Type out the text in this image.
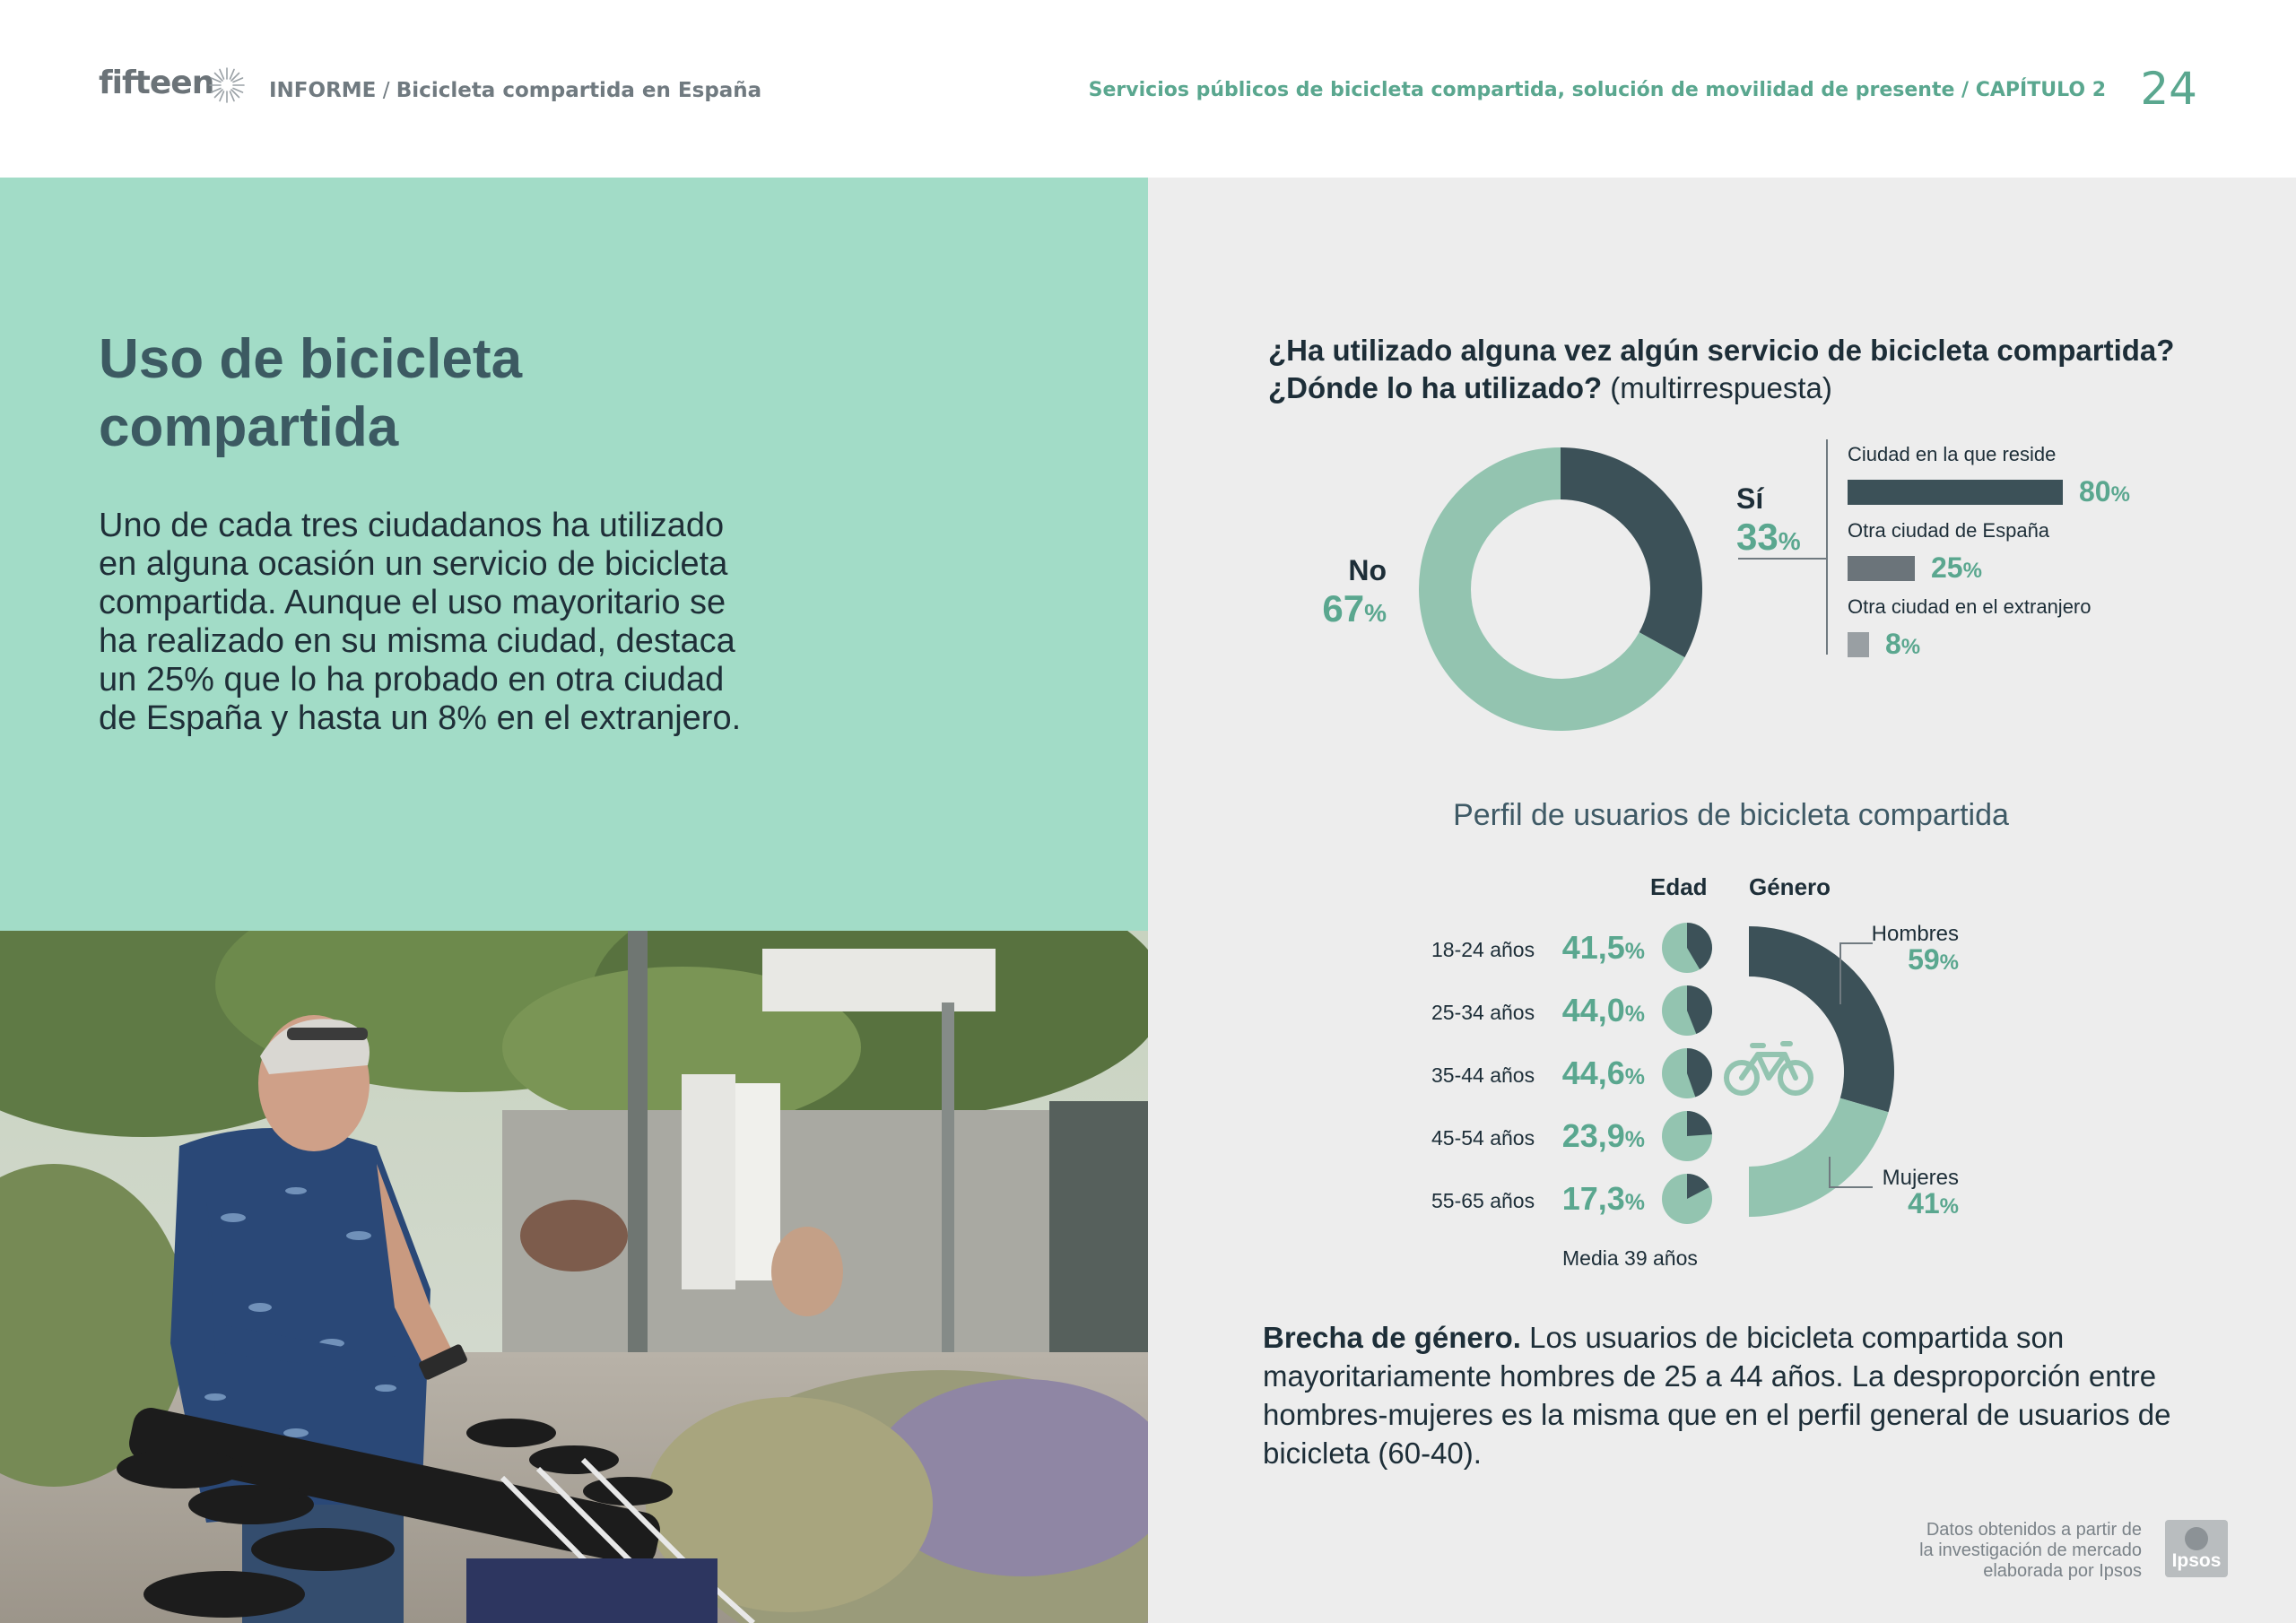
fifteen	INFORME / Bicicleta compartida en España	Servicios públicos de bicicleta compartida, solución de movilidad de presente / CAPÍTULO 2 24
Uso de bicicleta
compartida

Uno de cada tres ciudadanos ha utilizado
en alguna ocasión un servicio de bicicleta
compartida. Aunque el uso mayoritario se
ha realizado en su misma ciudad, destaca
un 25% que lo ha probado en otra ciudad
de España y hasta un 8% en el extranjero.

¿Ha utilizado alguna vez algún servicio de bicicleta compartida?
¿Dónde lo ha utilizado? (multirrespuesta)
No
67%
Sí
33%
Ciudad en la que reside
80%
Otra ciudad de España
25%
Otra ciudad en el extranjero
8%
Perfil de usuarios de bicicleta compartida
Edad Género
18-24 años 41,5%
25-34 años 44,0%
35-44 años 44,6%
45-54 años 23,9%
55-65 años 17,3%
Hombres
59%
Mujeres
41%
Media 39 años

Brecha de género. Los usuarios de bicicleta compartida son
mayoritariamente hombres de 25 a 44 años. La desproporción entre
hombres-mujeres es la misma que en el perfil general de usuarios de
bicicleta (60-40).

Datos obtenidos a partir de
la investigación de mercado
elaborada por Ipsos	Ipsos
